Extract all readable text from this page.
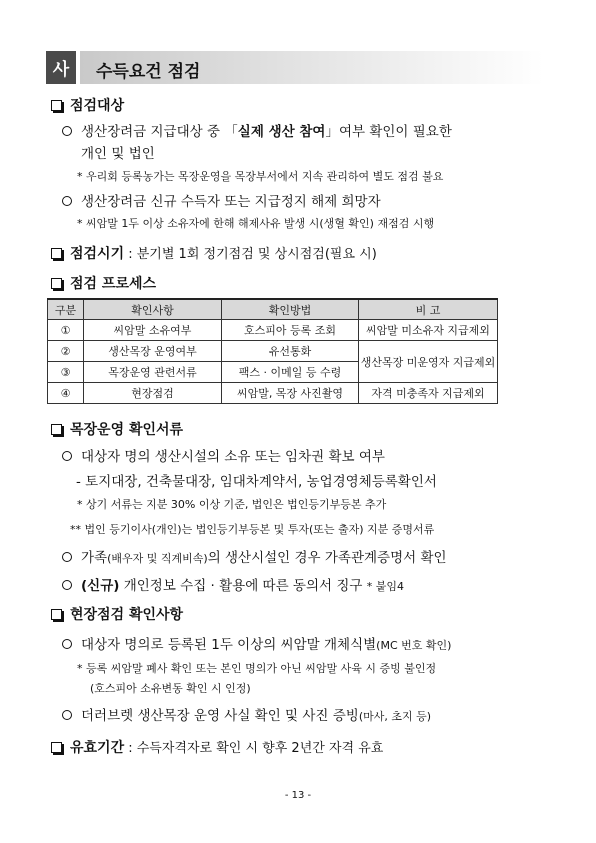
사	수득요건 점검
점검대상
생산장려금 지급대상 중 「실제 생산 참여」여부 확인이 필요한
개인 및 법인
* 우리회 등록농가는 목장운영을 목장부서에서 지속 관리하여 별도 점검 불요
생산장려금 신규 수득자 또는 지급정지 해제 희망자
* 씨암말 1두 이상 소유자에 한해 해제사유 발생 시(생혈 확인) 재점검 시행
점검시기 : 분기별 1회 정기점검 및 상시점검(필요 시)
점검 프로세스
구분	확인사항	확인방법	비 고
①	씨암말 소유여부	호스피아 등록 조회	씨암말 미소유자 지급제외
②	생산목장 운영여부	유선통화	생산목장 미운영자 지급제외
③	목장운영 관련서류	팩스 · 이메일 등 수령	
④	현장점검	씨암말, 목장 사진촬영	자격 미충족자 지급제외
목장운영 확인서류
대상자 명의 생산시설의 소유 또는 임차권 확보 여부
- 토지대장, 건축물대장, 임대차계약서, 농업경영체등록확인서
* 상기 서류는 지분 30% 이상 기준, 법인은 법인등기부등본 추가
** 법인 등기이사(개인)는 법인등기부등본 및 투자(또는 출자) 지분 증명서류
가족(배우자 및 직계비속)의 생산시설인 경우 가족관계증명서 확인
(신규) 개인정보 수집 · 활용에 따른 동의서 징구 * 붙임4
현장점검 확인사항
대상자 명의로 등록된 1두 이상의 씨암말 개체식별(MC 번호 확인)
* 등록 씨암말 폐사 확인 또는 본인 명의가 아닌 씨암말 사육 시 증빙 불인정
(호스피아 소유변동 확인 시 인정)
더러브렛 생산목장 운영 사실 확인 및 사진 증빙(마사, 초지 등)
유효기간 : 수득자격자로 확인 시 향후 2년간 자격 유효
- 13 -
